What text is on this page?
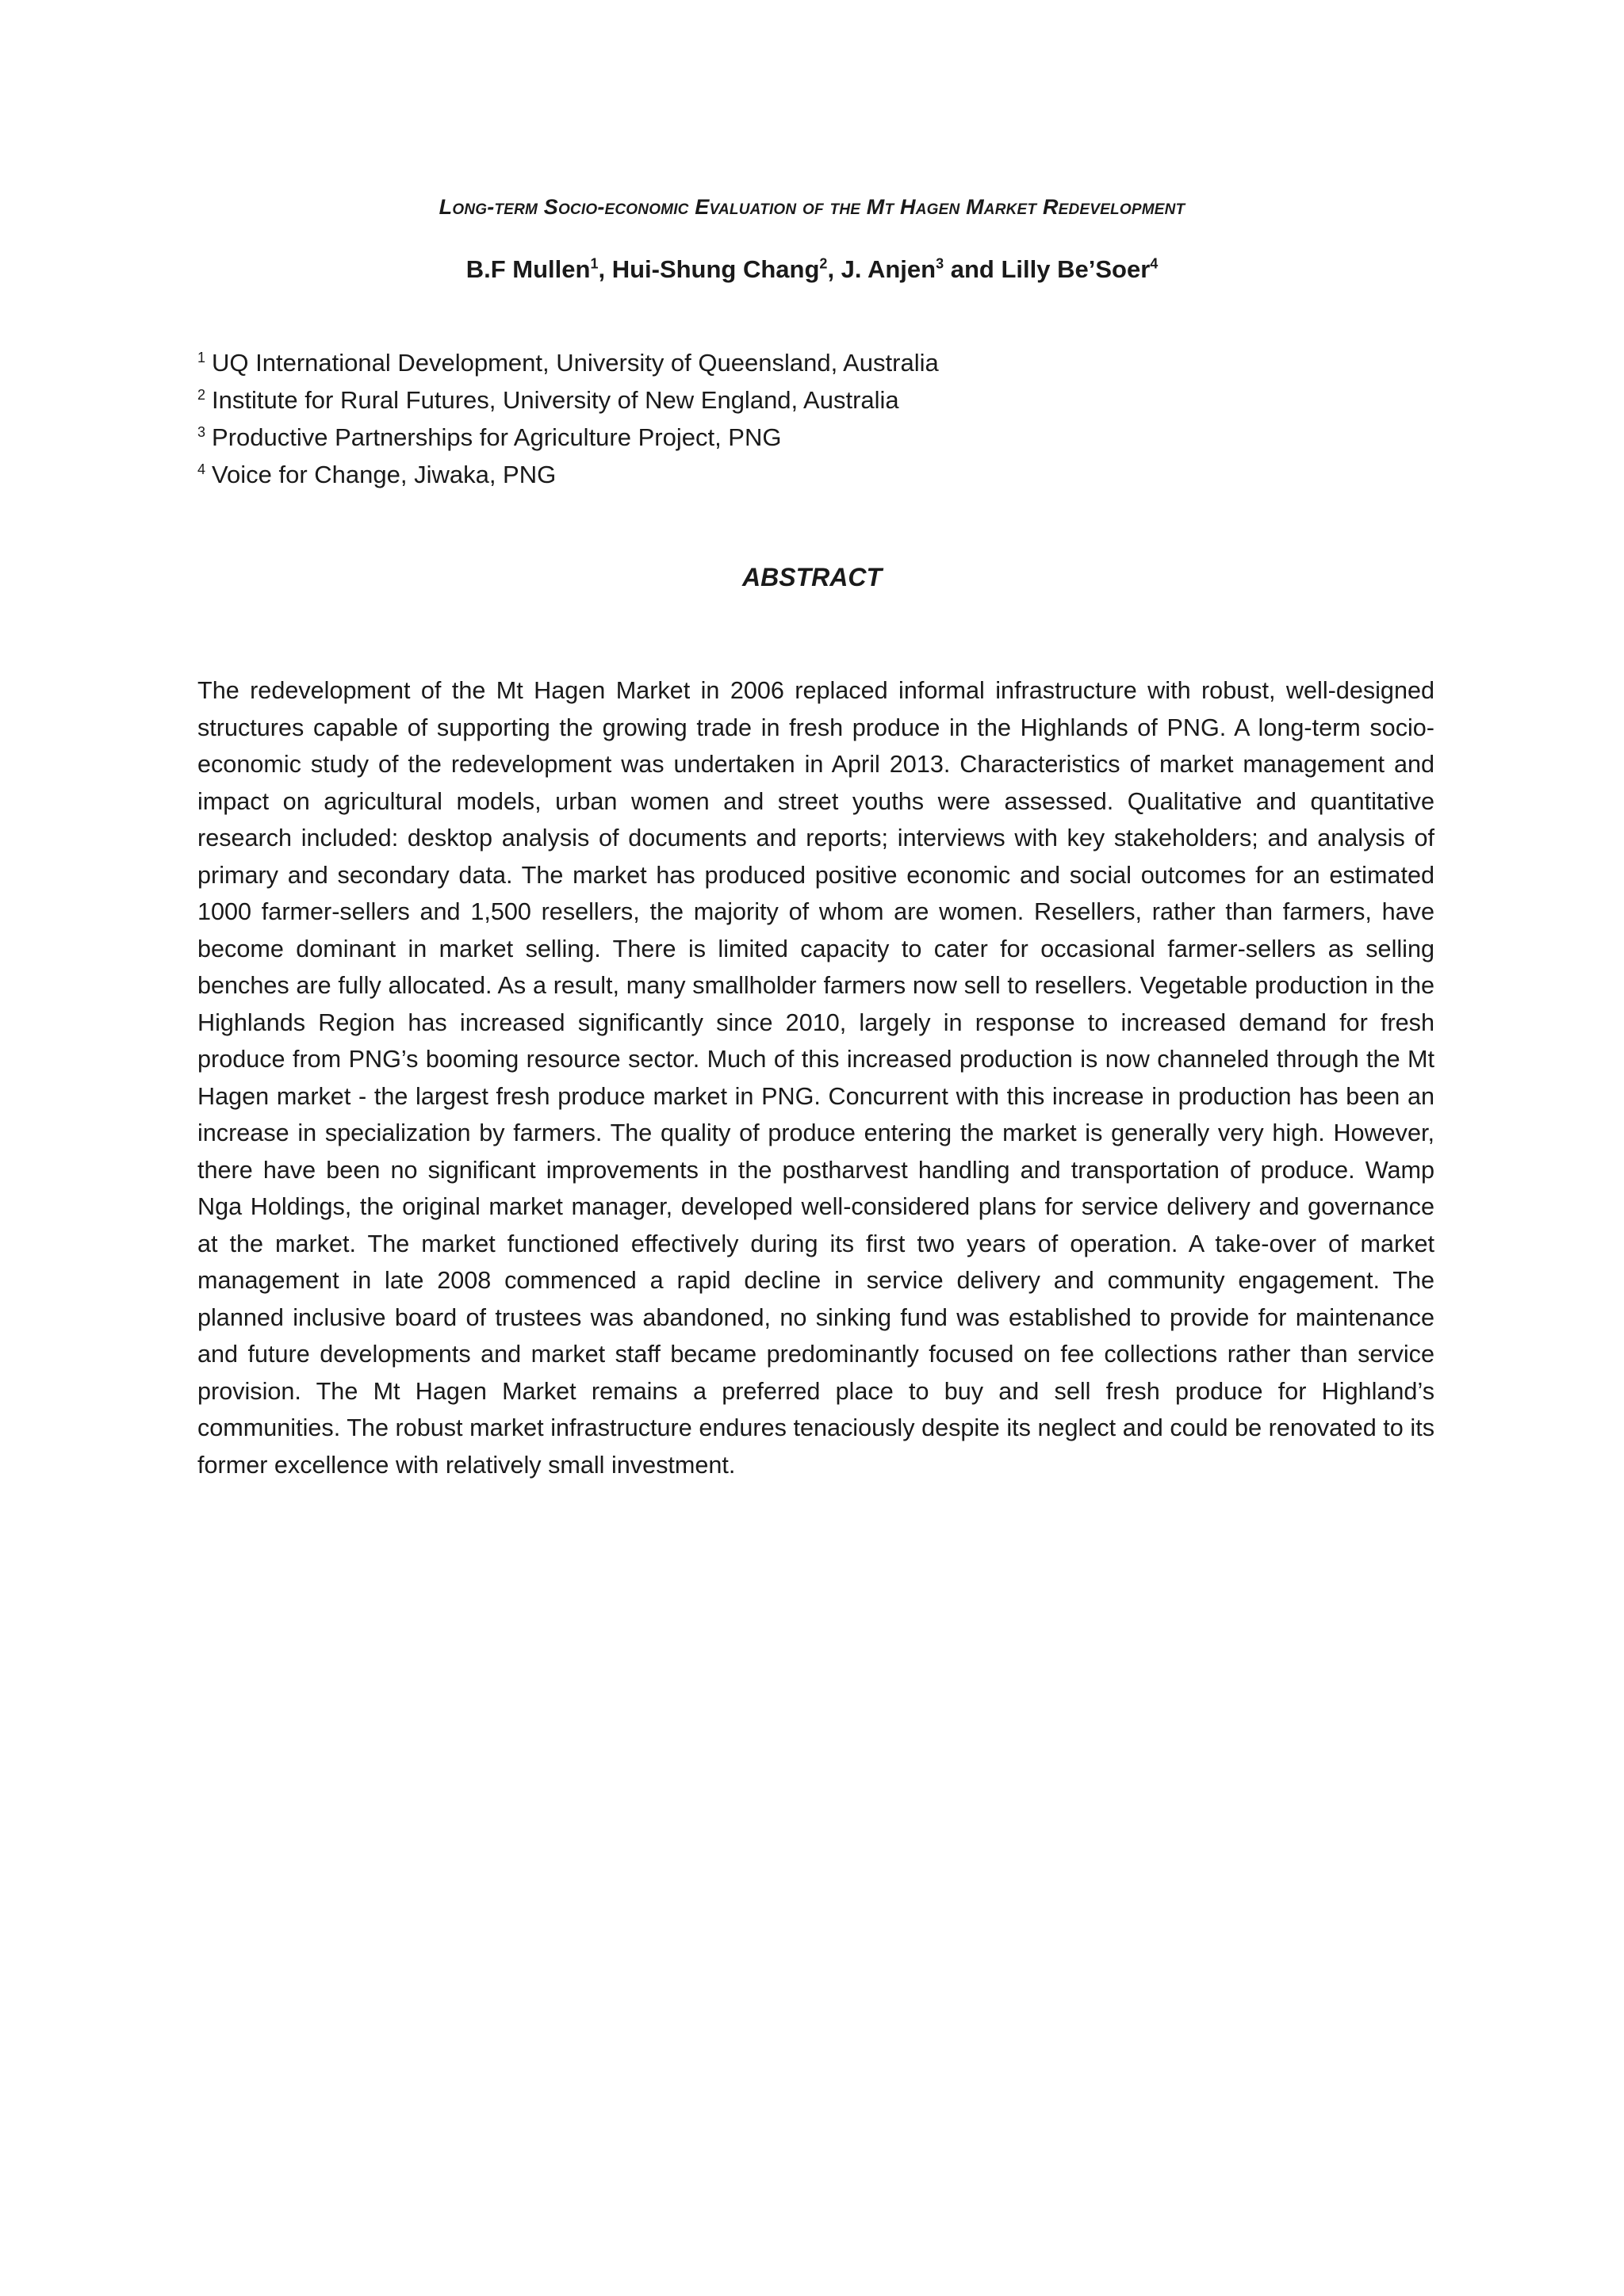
Long-term Socio-economic Evaluation of the Mt Hagen Market Redevelopment
B.F Mullen$^1$, Hui-Shung Chang$^2$, J. Anjen$^3$ and Lilly Be’Soer$^4$
$^1$ UQ International Development, University of Queensland, Australia
$^2$ Institute for Rural Futures, University of New England, Australia
$^3$ Productive Partnerships for Agriculture Project, PNG
$^4$ Voice for Change, Jiwaka, PNG
ABSTRACT

The redevelopment of the Mt Hagen Market in 2006 replaced informal infrastructure with robust, well-designed structures capable of supporting the growing trade in fresh produce in the Highlands of PNG. A long-term socio-economic study of the redevelopment was undertaken in April 2013. Characteristics of market management and impact on agricultural models, urban women and street youths were assessed. Qualitative and quantitative research included: desktop analysis of documents and reports; interviews with key stakeholders; and analysis of primary and secondary data. The market has produced positive economic and social outcomes for an estimated 1000 farmer-sellers and 1,500 resellers, the majority of whom are women. Resellers, rather than farmers, have become dominant in market selling. There is limited capacity to cater for occasional farmer-sellers as selling benches are fully allocated. As a result, many smallholder farmers now sell to resellers. Vegetable production in the Highlands Region has increased significantly since 2010, largely in response to increased demand for fresh produce from PNG’s booming resource sector. Much of this increased production is now channeled through the Mt Hagen market - the largest fresh produce market in PNG. Concurrent with this increase in production has been an increase in specialization by farmers. The quality of produce entering the market is generally very high. However, there have been no significant improvements in the postharvest handling and transportation of produce. Wamp Nga Holdings, the original market manager, developed well-considered plans for service delivery and governance at the market. The market functioned effectively during its first two years of operation. A take-over of market management in late 2008 commenced a rapid decline in service delivery and community engagement. The planned inclusive board of trustees was abandoned, no sinking fund was established to provide for maintenance and future developments and market staff became predominantly focused on fee collections rather than service provision. The Mt Hagen Market remains a preferred place to buy and sell fresh produce for Highland’s communities. The robust market infrastructure endures tenaciously despite its neglect and could be renovated to its former excellence with relatively small investment.
